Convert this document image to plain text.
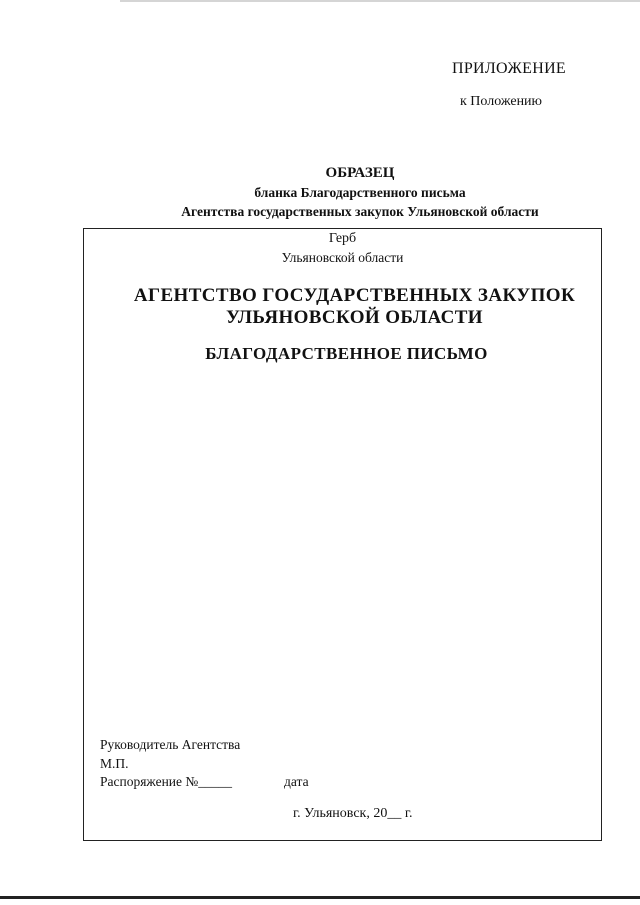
ПРИЛОЖЕНИЕ
к Положению
ОБРАЗЕЦ
бланка Благодарственного письма
Агентства государственных закупок Ульяновской области
Герб
Ульяновской области
АГЕНТСТВО ГОСУДАРСТВЕННЫХ ЗАКУПОК
УЛЬЯНОВСКОЙ ОБЛАСТИ
БЛАГОДАРСТВЕННОЕ ПИСЬМО
Руководитель Агентства
М.П.
Распоряжение №_____	дата
г. Ульяновск, 20__ г.
